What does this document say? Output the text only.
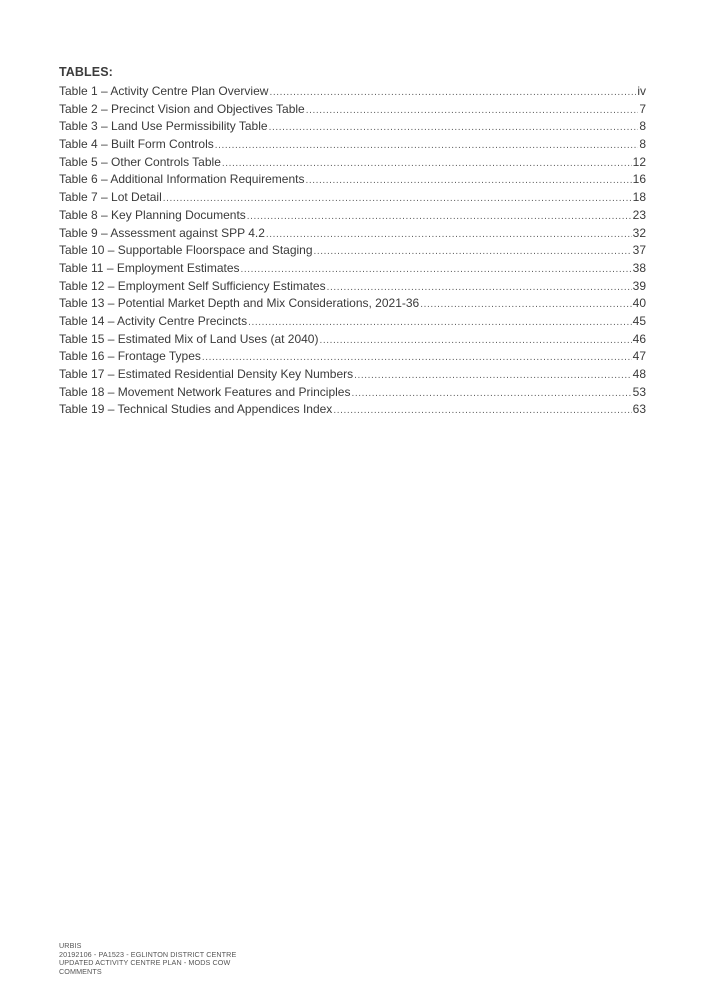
TABLES:
Table 1 – Activity Centre Plan Overview .....	iv
Table 2 – Precinct Vision and Objectives Table .....	7
Table 3 – Land Use Permissibility Table .....	8
Table 4 – Built Form Controls .....	8
Table 5 – Other Controls Table .....	12
Table 6 – Additional Information Requirements .....	16
Table 7 – Lot Detail .....	18
Table 8 – Key Planning Documents .....	23
Table 9 – Assessment against SPP 4.2 .....	32
Table 10 – Supportable Floorspace and Staging .....	37
Table 11 – Employment Estimates .....	38
Table 12 – Employment Self Sufficiency Estimates .....	39
Table 13 – Potential Market Depth and Mix Considerations, 2021-36 .....	40
Table 14 – Activity Centre Precincts .....	45
Table 15 – Estimated Mix of Land Uses (at 2040) .....	46
Table 16 – Frontage Types .....	47
Table 17 – Estimated Residential Density Key Numbers .....	48
Table 18 – Movement Network Features and Principles .....	53
Table 19 – Technical Studies and Appendices Index .....	63
URBIS
20192106 - PA1523 - EGLINTON DISTRICT CENTRE
UPDATED ACTIVITY CENTRE PLAN - MODS COW
COMMENTS
